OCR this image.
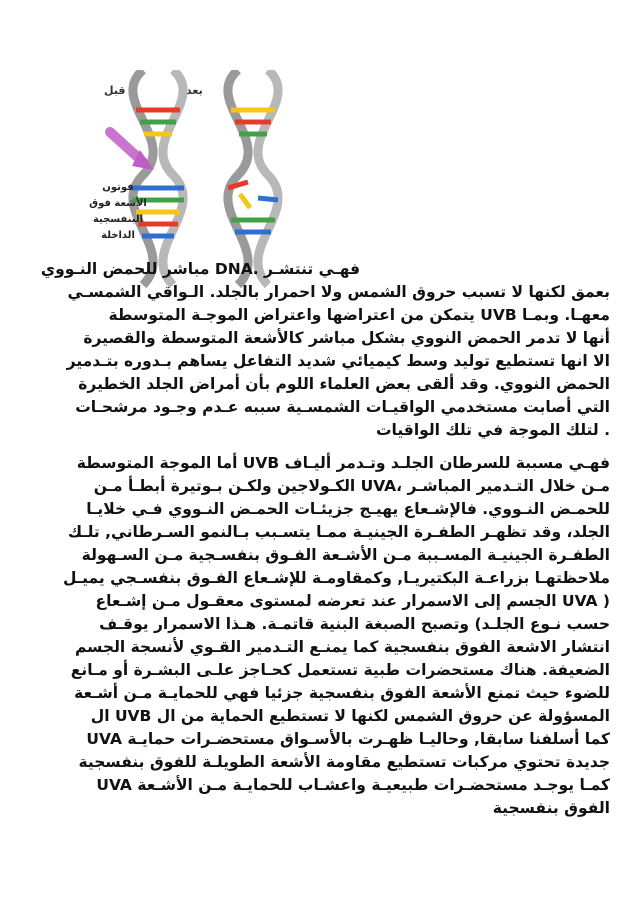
قبل	بعد
فوتون
الأشعة فوق
البنفسجية
الداخلة
فهـي تنتشـر .DNA مباشر للحمض النـووي
بعمق لكنها لا تسبب حروق الشمس ولا احمرار بالجلد. الـواقي الشمسـي
معهـا. وبمـا UVB يتمكن من اعتراضها واعتراض الموجـة المتوسطة
أنها لا تدمر الحمض النووي بشكل مباشر كالأشعة المتوسطة والقصيرة
الا انها تستطيع توليد وسط كيميائي شديد التفاعل يساهم بـدوره بتـدمير
الحمض النووي. وقد ألقى بعض العلماء اللوم بأن أمراض الجلد الخطيرة
التي أصابت مستخدمي الواقيـات الشمسـية سببه عـدم وجـود مرشحـات
. لتلك الموجة في تلك الواقيات
فهـي مسببة للسرطان الجلـد وتـدمر أليـاف UVB أما الموجة المتوسطة
مـن خلال التـدمير المباشـر ،UVA الكـولاجين ولكـن بـوتيرة أبطـأ مـن
للحمـض النـووي. فالإشـعاع يهيـج جزيئـات الحمـض النـووي فـي خلايـا
الجلد، وقد تظهـر الطفـرة الجينيـة ممـا يتسـبب بـالنمو السـرطاني, تلـك
الطفـرة الجينيـة المسـببة مـن الأشـعة الفـوق بنفسـجية مـن السـهولة
ملاحظتهـا بزراعـة البكتيريـا, وكمقاومـة للإشـعاع الفـوق بنفسـجي يميـل
( UVA الجسم إلى الاسمرار عند تعرضه لمستوى معقـول مـن إشـعاع
حسب نـوع الجلـد) وتصبح الصبغة البنية قاتمـة. هـذا الاسمرار يوقـف
انتشار الاشعة الفوق بنفسجية كما يمنـع التـدمير القـوي لأنسجة الجسم
الضعيفة. هناك مستحضرات طبية تستعمل كحـاجز علـى البشـرة أو مـانع
للضوء حيث تمنع الأشعة الفوق بنفسجية جزئيا فهي للحمايـة مـن أشـعة
المسؤولة عن حروق الشمس لكنها لا تستطيع الحماية من ال UVB ال
كما أسلفنا سابقا, وحاليـا ظهـرت بالأسـواق مستحضـرات حمايـة UVA
جديدة تحتوي مركبات تستطيع مقاومة الأشعة الطويلـة للفوق بنفسجية
كمـا يوجـد مستحضـرات طبيعيـة واعشـاب للحمايـة مـن الأشـعة UVA
الفوق بنفسجية
